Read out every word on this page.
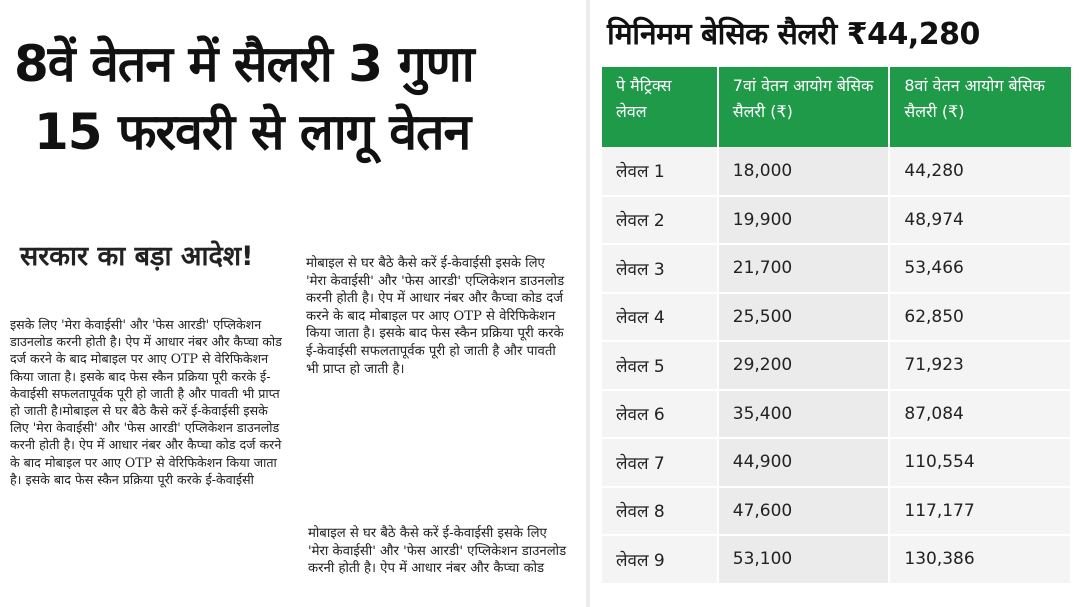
8वें वेतन में सैलरी 3 गुणा
15 फरवरी से लागू वेतन
सरकार का बड़ा आदेश!

इसके लिए 'मेरा केवाईसी' और 'फेस आरडी' एप्लिकेशन डाउनलोड करनी होती है। ऐप में आधार नंबर और कैप्चा कोड दर्ज करने के बाद मोबाइल पर आए OTP से वेरिफिकेशन किया जाता है। इसके बाद फेस स्कैन प्रक्रिया पूरी करके ई-केवाईसी सफलतापूर्वक पूरी हो जाती है और पावती भी प्राप्त हो जाती है।मोबाइल से घर बैठे कैसे करें ई-केवाईसी इसके लिए 'मेरा केवाईसी' और 'फेस आरडी' एप्लिकेशन डाउनलोड करनी होती है। ऐप में आधार नंबर और कैप्चा कोड दर्ज करने के बाद मोबाइल पर आए OTP से वेरिफिकेशन किया जाता है। इसके बाद फेस स्कैन प्रक्रिया पूरी करके ई-केवाईसी

मोबाइल से घर बैठे कैसे करें ई-केवाईसी इसके लिए 'मेरा केवाईसी' और 'फेस आरडी' एप्लिकेशन डाउनलोड करनी होती है। ऐप में आधार नंबर और कैप्चा कोड दर्ज करने के बाद मोबाइल पर आए OTP से वेरिफिकेशन किया जाता है। इसके बाद फेस स्कैन प्रक्रिया पूरी करके ई-केवाईसी सफलतापूर्वक पूरी हो जाती है और पावती भी प्राप्त हो जाती है।

मोबाइल से घर बैठे कैसे करें ई-केवाईसी इसके लिए 'मेरा केवाईसी' और 'फेस आरडी' एप्लिकेशन डाउनलोड करनी होती है। ऐप में आधार नंबर और कैप्चा कोड

मिनिमम बेसिक सैलरी ₹44,280
पे मैट्रिक्स लेवल	7वां वेतन आयोग बेसिक सैलरी (₹)	8वां वेतन आयोग बेसिक सैलरी (₹)
लेवल 1	18,000	44,280
लेवल 2	19,900	48,974
लेवल 3	21,700	53,466
लेवल 4	25,500	62,850
लेवल 5	29,200	71,923
लेवल 6	35,400	87,084
लेवल 7	44,900	110,554
लेवल 8	47,600	117,177
लेवल 9	53,100	130,386
